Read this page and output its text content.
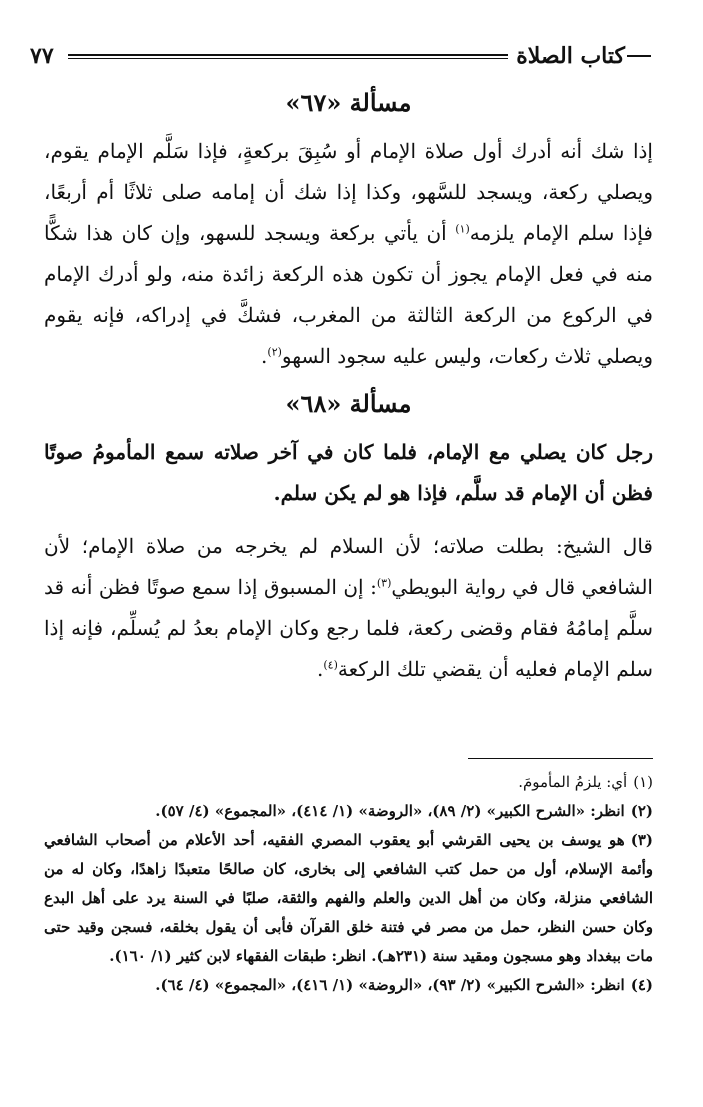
٧٧	كتاب الصلاة
مسألة «٦٧»

إذا شك أنه أدرك أول صلاة الإمام أو سُبِقَ بركعةٍ، فإذا سَلَّم الإمام يقوم، ويصلي ركعة، ويسجد للسَّهو، وكذا إذا شك أن إمامه صلى ثلاثًا أم أربعًا، فإذا سلم الإمام يلزمه$^{(١)}$ أن يأتي بركعة ويسجد للسهو، وإن كان هذا شكًّا منه في فعل الإمام يجوز أن تكون هذه الركعة زائدة منه، ولو أدرك الإمام في الركوع من الركعة الثالثة من المغرب، فشكَّ في إدراكه، فإنه يقوم ويصلي ثلاث ركعات، وليس عليه سجود السهو$^{(٢)}$.

مسألة «٦٨»

رجل كان يصلي مع الإمام، فلما كان في آخر صلاته سمع المأمومُ صوتًا فظن أن الإمام قد سلَّم، فإذا هو لم يكن سلم.

قال الشيخ: بطلت صلاته؛ لأن السلام لم يخرجه من صلاة الإمام؛ لأن الشافعي قال في رواية البويطي$^{(٣)}$: إن المسبوق إذا سمع صوتًا فظن أنه قد سلَّم إمامُهُ فقام وقضى ركعة، فلما رجع وكان الإمام بعدُ لم يُسلِّم، فإنه إذا سلم الإمام فعليه أن يقضي تلك الركعة$^{(٤)}$.

(١)أي: يلزمُ المأمومَ.

(٢)انظر: «الشرح الكبير» (٢/ ٨٩)، «الروضة» (١/ ٤١٤)، «المجموع» (٤/ ٥٧).

(٣)هو يوسف بن يحيى القرشي أبو يعقوب المصري الفقيه، أحد الأعلام من أصحاب الشافعي وأئمة الإسلام، أول من حمل كتب الشافعي إلى بخارى، كان صالحًا متعبدًا زاهدًا، وكان له من الشافعي منزلة، وكان من أهل الدين والعلم والفهم والثقة، صلبًا في السنة يرد على أهل البدع وكان حسن النظر، حمل من مصر في فتنة خلق القرآن فأبى أن يقول بخلقه، فسجن وقيد حتى مات ببغداد وهو مسجون ومقيد سنة (٢٣١هـ). انظر: طبقات الفقهاء لابن كثير (١/ ١٦٠).

(٤)انظر: «الشرح الكبير» (٢/ ٩٣)، «الروضة» (١/ ٤١٦)، «المجموع» (٤/ ٦٤).
